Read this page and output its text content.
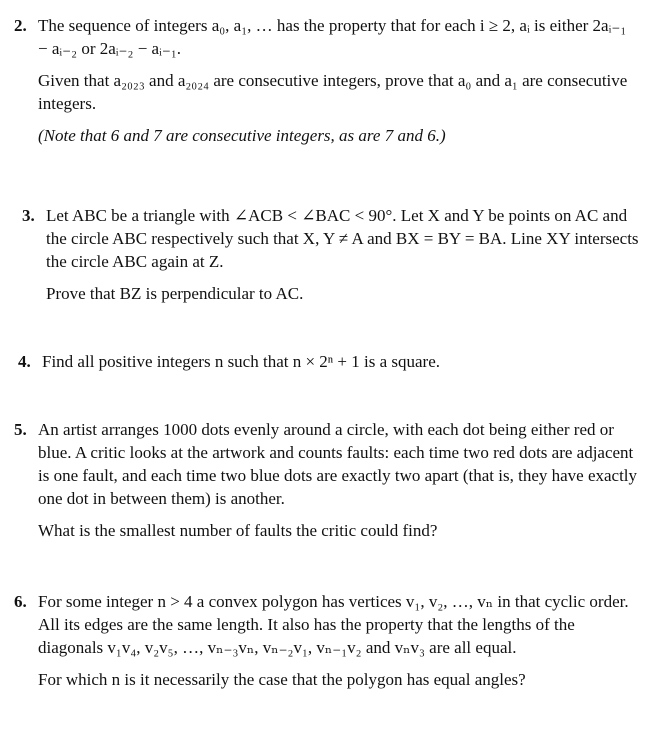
2. The sequence of integers a₀, a₁, … has the property that for each i ≥ 2, aᵢ is either 2aᵢ₋₁ − aᵢ₋₂ or 2aᵢ₋₂ − aᵢ₋₁.

Given that a₂₀₂₃ and a₂₀₂₄ are consecutive integers, prove that a₀ and a₁ are consecutive integers.

(Note that 6 and 7 are consecutive integers, as are 7 and 6.)

3. Let ABC be a triangle with ∠ACB < ∠BAC < 90°. Let X and Y be points on AC and the circle ABC respectively such that X, Y ≠ A and BX = BY = BA. Line XY intersects the circle ABC again at Z.

Prove that BZ is perpendicular to AC.

4. Find all positive integers n such that n × 2ⁿ + 1 is a square.

5. An artist arranges 1000 dots evenly around a circle, with each dot being either red or blue. A critic looks at the artwork and counts faults: each time two red dots are adjacent is one fault, and each time two blue dots are exactly two apart (that is, they have exactly one dot in between them) is another.

What is the smallest number of faults the critic could find?

6. For some integer n > 4 a convex polygon has vertices v₁, v₂, …, vₙ in that cyclic order. All its edges are the same length. It also has the property that the lengths of the diagonals v₁v₄, v₂v₅, …, vₙ₋₃vₙ, vₙ₋₂v₁, vₙ₋₁v₂ and vₙv₃ are all equal.

For which n is it necessarily the case that the polygon has equal angles?
